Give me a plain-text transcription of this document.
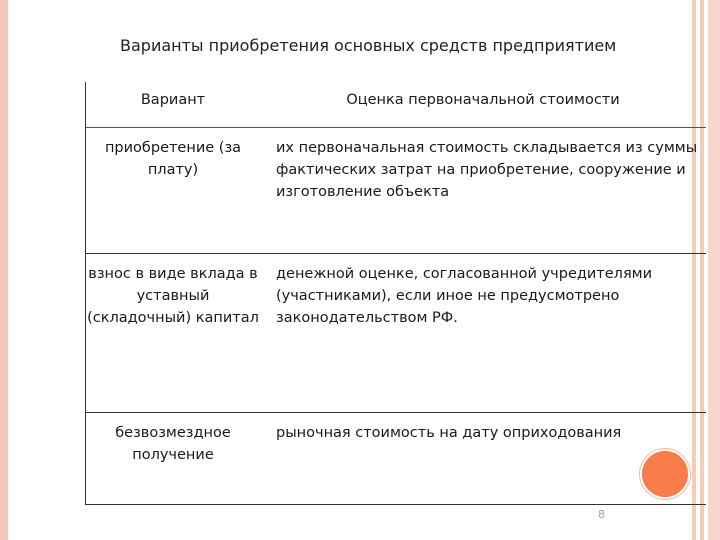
Варианты приобретения основных средств предприятием
Вариант	Оценка первоначальной стоимости
приобретение (за плату)	их первоначальная стоимость складывается из суммы фактических затрат на приобретение, сооружение и изготовление объекта
взнос в виде вклада в уставный (складочный) капитал	денежной оценке, согласованной учредителями (участниками), если иное не предусмотрено законодательством РФ.
безвозмездное получение	рыночная стоимость на дату оприходования
8
